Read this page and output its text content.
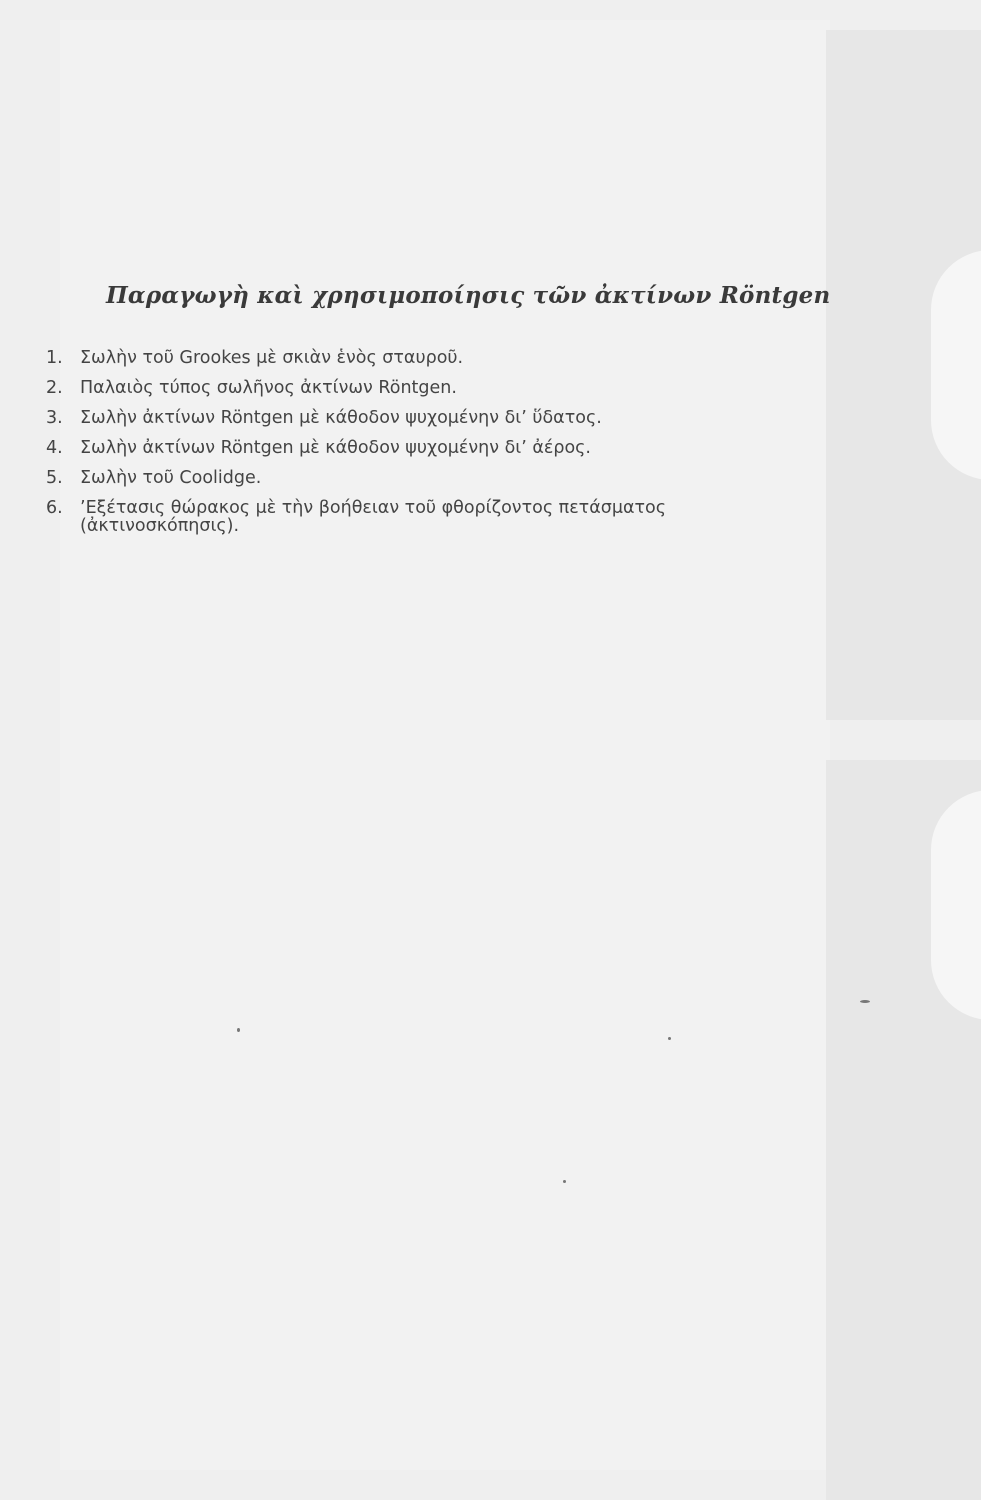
Παραγωγὴ καὶ χρησιμοποίησις τῶν ἀκτίνων Röntgen
1. Σωλὴν τοῦ Grookes μὲ σκιὰν ἑνὸς σταυροῦ.
2. Παλαιὸς τύπος σωλῆνος ἀκτίνων Röntgen.
3. Σωλὴν ἀκτίνων Röntgen μὲ κάθοδον ψυχομένην δι’ ὕδατος.
4. Σωλὴν ἀκτίνων Röntgen μὲ κάθοδον ψυχομένην δι’ ἀέρος.
5. Σωλὴν τοῦ Coolidge.
6. ’Εξέτασις θώρακος μὲ τὴν βοήθειαν τοῦ φθορίζοντος πετάσματος
(ἀκτινοσκόπησις).
